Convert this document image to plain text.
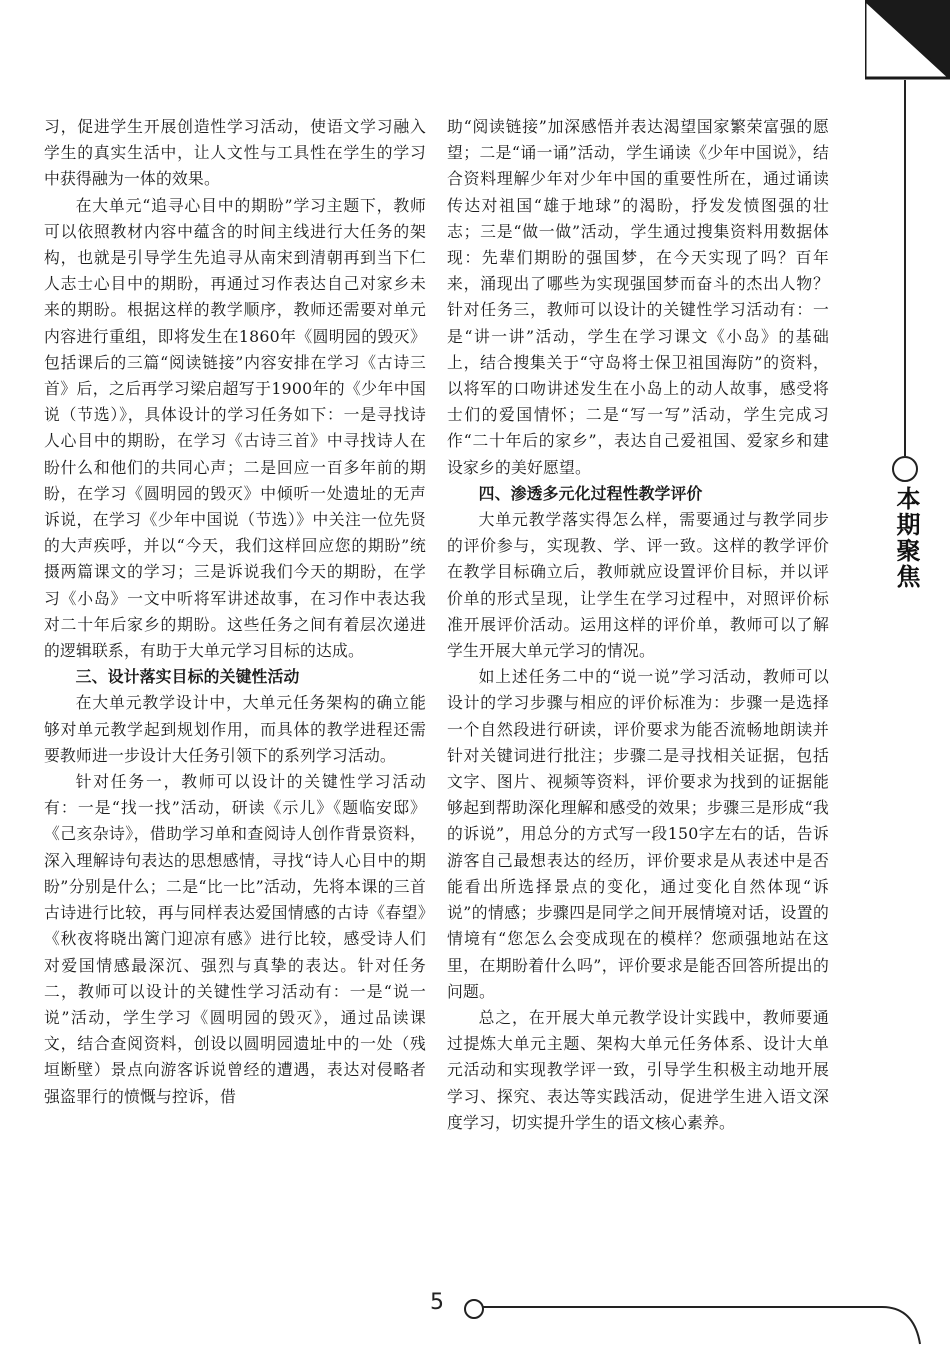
本期聚焦

习，促进学生开展创造性学习活动，使语文学习融入学生的真实生活中，让人文性与工具性在学生的学习中获得融为一体的效果。

在大单元“追寻心目中的期盼”学习主题下，教师可以依照教材内容中蕴含的时间主线进行大任务的架构，也就是引导学生先追寻从南宋到清朝再到当下仁人志士心目中的期盼，再通过习作表达自己对家乡未来的期盼。根据这样的教学顺序，教师还需要对单元内容进行重组，即将发生在1860年《圆明园的毁灭》包括课后的三篇“阅读链接”内容安排在学习《古诗三首》后，之后再学习梁启超写于1900年的《少年中国说（节选）》，具体设计的学习任务如下：一是寻找诗人心目中的期盼，在学习《古诗三首》中寻找诗人在盼什么和他们的共同心声；二是回应一百多年前的期盼，在学习《圆明园的毁灭》中倾听一处遗址的无声诉说，在学习《少年中国说（节选）》中关注一位先贤的大声疾呼，并以“今天，我们这样回应您的期盼”统摄两篇课文的学习；三是诉说我们今天的期盼，在学习《小岛》一文中听将军讲述故事，在习作中表达我对二十年后家乡的期盼。这些任务之间有着层次递进的逻辑联系，有助于大单元学习目标的达成。

三、设计落实目标的关键性活动

在大单元教学设计中，大单元任务架构的确立能够对单元教学起到规划作用，而具体的教学进程还需要教师进一步设计大任务引领下的系列学习活动。

针对任务一，教师可以设计的关键性学习活动有：一是“找一找”活动，研读《示儿》《题临安邸》《己亥杂诗》，借助学习单和查阅诗人创作背景资料，深入理解诗句表达的思想感情，寻找“诗人心目中的期盼”分别是什么；二是“比一比”活动，先将本课的三首古诗进行比较，再与同样表达爱国情感的古诗《春望》《秋夜将晓出篱门迎凉有感》进行比较，感受诗人们对爱国情感最深沉、强烈与真挚的表达。针对任务二，教师可以设计的关键性学习活动有：一是“说一说”活动，学生学习《圆明园的毁灭》，通过品读课文，结合查阅资料，创设以圆明园遗址中的一处（残垣断壁）景点向游客诉说曾经的遭遇，表达对侵略者强盗罪行的愤慨与控诉，借

助“阅读链接”加深感悟并表达渴望国家繁荣富强的愿望；二是“诵一诵”活动，学生诵读《少年中国说》，结合资料理解少年对少年中国的重要性所在，通过诵读传达对祖国“雄于地球”的渴盼，抒发发愤图强的壮志；三是“做一做”活动，学生通过搜集资料用数据体现：先辈们期盼的强国梦，在今天实现了吗？百年来，涌现出了哪些为实现强国梦而奋斗的杰出人物？针对任务三，教师可以设计的关键性学习活动有：一是“讲一讲”活动，学生在学习课文《小岛》的基础上，结合搜集关于“守岛将士保卫祖国海防”的资料，以将军的口吻讲述发生在小岛上的动人故事，感受将士们的爱国情怀；二是“写一写”活动，学生完成习作“二十年后的家乡”，表达自己爱祖国、爱家乡和建设家乡的美好愿望。

四、渗透多元化过程性教学评价

大单元教学落实得怎么样，需要通过与教学同步的评价参与，实现教、学、评一致。这样的教学评价在教学目标确立后，教师就应设置评价目标，并以评价单的形式呈现，让学生在学习过程中，对照评价标准开展评价活动。运用这样的评价单，教师可以了解学生开展大单元学习的情况。

如上述任务二中的“说一说”学习活动，教师可以设计的学习步骤与相应的评价标准为：步骤一是选择一个自然段进行研读，评价要求为能否流畅地朗读并针对关键词进行批注；步骤二是寻找相关证据，包括文字、图片、视频等资料，评价要求为找到的证据能够起到帮助深化理解和感受的效果；步骤三是形成“我的诉说”，用总分的方式写一段150字左右的话，告诉游客自己最想表达的经历，评价要求是从表述中是否能看出所选择景点的变化，通过变化自然体现“诉说”的情感；步骤四是同学之间开展情境对话，设置的情境有“您怎么会变成现在的模样？您顽强地站在这里，在期盼着什么吗”，评价要求是能否回答所提出的问题。

总之，在开展大单元教学设计实践中，教师要通过提炼大单元主题、架构大单元任务体系、设计大单元活动和实现教学评一致，引导学生积极主动地开展学习、探究、表达等实践活动，促进学生进入语文深度学习，切实提升学生的语文核心素养。

5
